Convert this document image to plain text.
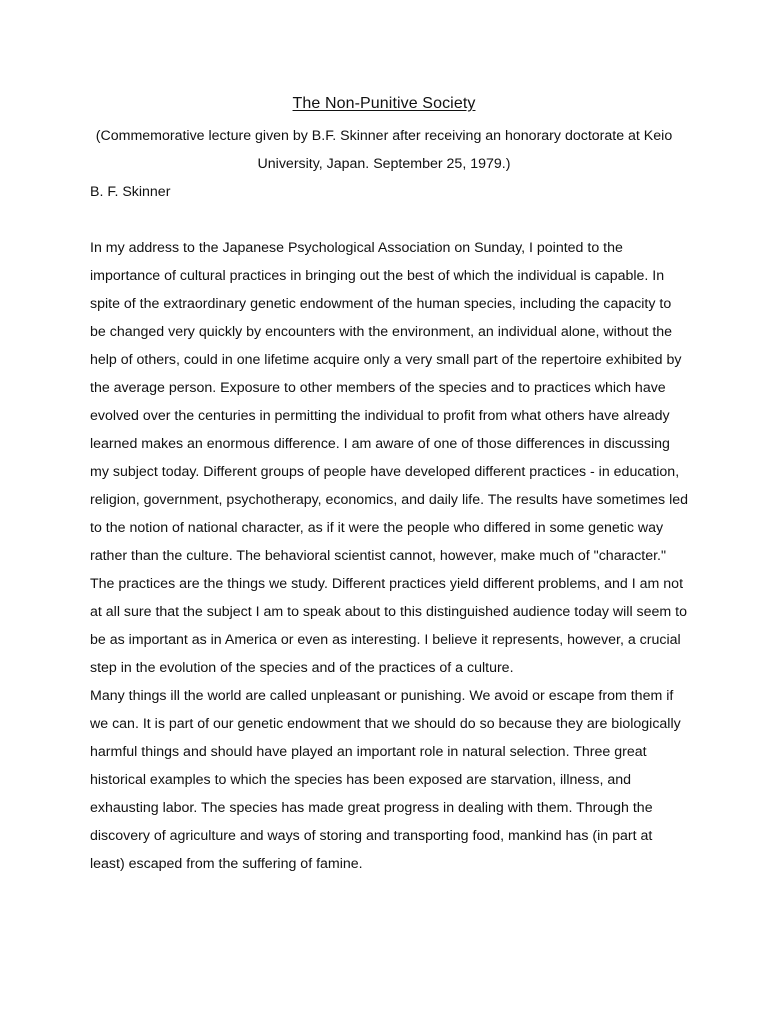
The Non-Punitive Society
(Commemorative lecture given by B.F. Skinner after receiving an honorary doctorate at Keio University, Japan. September 25, 1979.)
B. F. Skinner

In my address to the Japanese Psychological Association on Sunday, I pointed to the importance of cultural practices in bringing out the best of which the individual is capable. In spite of the extraordinary genetic endowment of the human species, including the capacity to be changed very quickly by encounters with the environment, an individual alone, without the help of others, could in one lifetime acquire only a very small part of the repertoire exhibited by the average person. Exposure to other members of the species and to practices which have evolved over the centuries in permitting the individual to profit from what others have already learned makes an enormous difference. I am aware of one of those differences in discussing my subject today. Different groups of people have developed different practices - in education, religion, government, psychotherapy, economics, and daily life. The results have sometimes led to the notion of national character, as if it were the people who differed in some genetic way rather than the culture. The behavioral scientist cannot, however, make much of "character." The practices are the things we study. Different practices yield different problems, and I am not at all sure that the subject I am to speak about to this distinguished audience today will seem to be as important as in America or even as interesting. I believe it represents, however, a crucial step in the evolution of the species and of the practices of a culture.

Many things ill the world are called unpleasant or punishing. We avoid or escape from them if we can. It is part of our genetic endowment that we should do so because they are biologically harmful things and should have played an important role in natural selection. Three great historical examples to which the species has been exposed are starvation, illness, and exhausting labor. The species has made great progress in dealing with them. Through the discovery of agriculture and ways of storing and transporting food, mankind has (in part at least) escaped from the suffering of famine.
